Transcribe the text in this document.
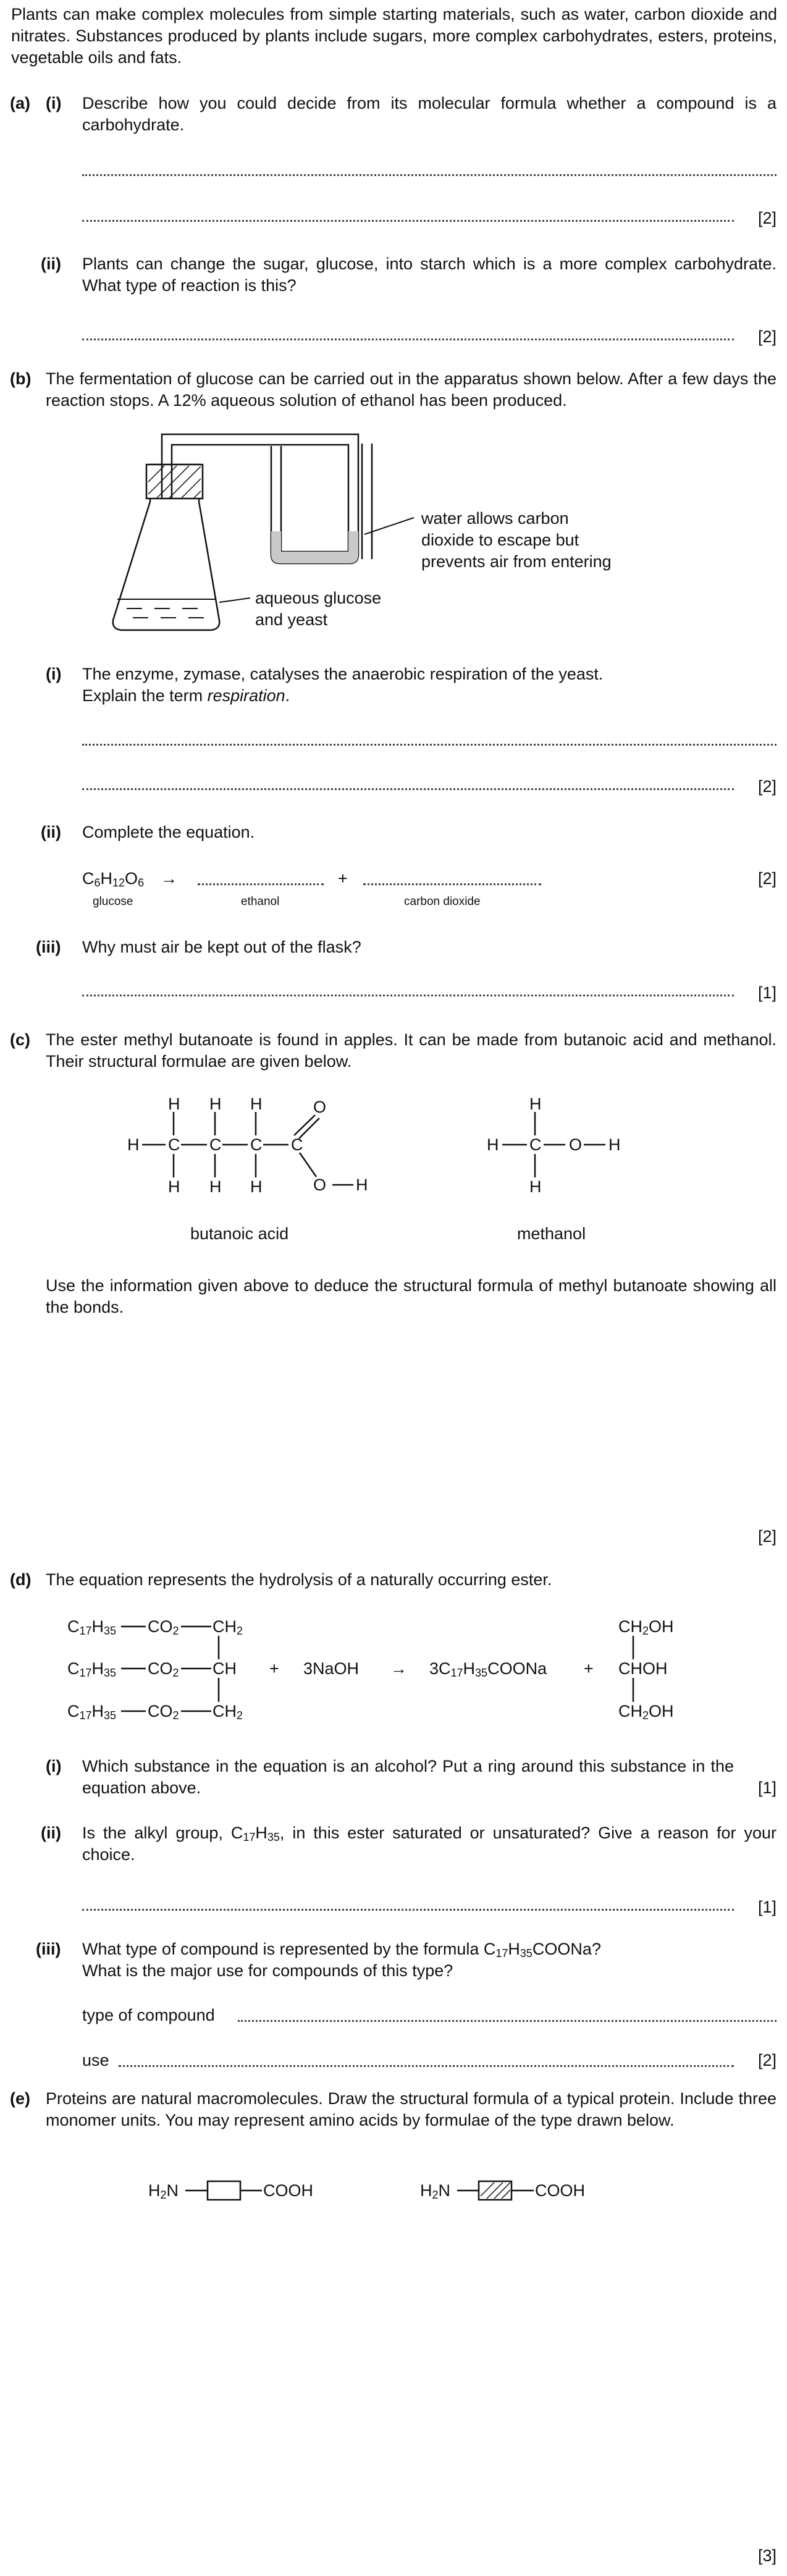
Plants can make complex molecules from simple starting materials, such as water, carbon dioxide and nitrates. Substances produced by plants include sugars, more complex carbohydrates, esters, proteins, vegetable oils and fats.
(a) (i) Describe how you could decide from its molecular formula whether a compound is a carbohydrate.
[2]
(ii) Plants can change the sugar, glucose, into starch which is a more complex carbohydrate. What type of reaction is this?
[2]
(b) The fermentation of glucose can be carried out in the apparatus shown below. After a few days the reaction stops. A 12% aqueous solution of ethanol has been produced.
water allows carbon
dioxide to escape but
prevents air from entering
aqueous glucose
and yeast
(i) The enzyme, zymase, catalyses the anaerobic respiration of the yeast.
Explain the term respiration.
[2]
(ii) Complete the equation.
$C_6H_{12}O_6$ →	+	[2]
glucose	ethanol	carbon dioxide
(iii) Why must air be kept out of the flask?
[1]
(c) The ester methyl butanoate is found in apples. It can be made from butanoic acid and methanol. Their structural formulae are given below.
H C C C C
H H H
H H H
O
O H
H C O H
H
H
butanoic acid	methanol
Use the information given above to deduce the structural formula of methyl butanoate showing all the bonds.
[2]
(d) The equation represents the hydrolysis of a naturally occurring ester.
$C_{17}H_{35}$ $CO_2$ $CH_2$
$C_{17}H_{35}$ $CO_2$ CH
$C_{17}H_{35}$ $CO_2$ $CH_2$
+ 3NaOH → $3C_{17}H_{35}COONa$ +
$CH_2OH$
CHOH
$CH_2OH$
(i) Which substance in the equation is an alcohol? Put a ring around this substance in the equation above.	[1]
(ii) Is the alkyl group, $C_{17}H_{35}$, in this ester saturated or unsaturated? Give a reason for your choice.
[1]
(iii) What type of compound is represented by the formula $C_{17}H_{35}COONa$?
What is the major use for compounds of this type?
type of compound
use	[2]
(e) Proteins are natural macromolecules. Draw the structural formula of a typical protein. Include three monomer units. You may represent amino acids by formulae of the type drawn below.
$H_2N$	COOH	$H_2N$	COOH
[3]
